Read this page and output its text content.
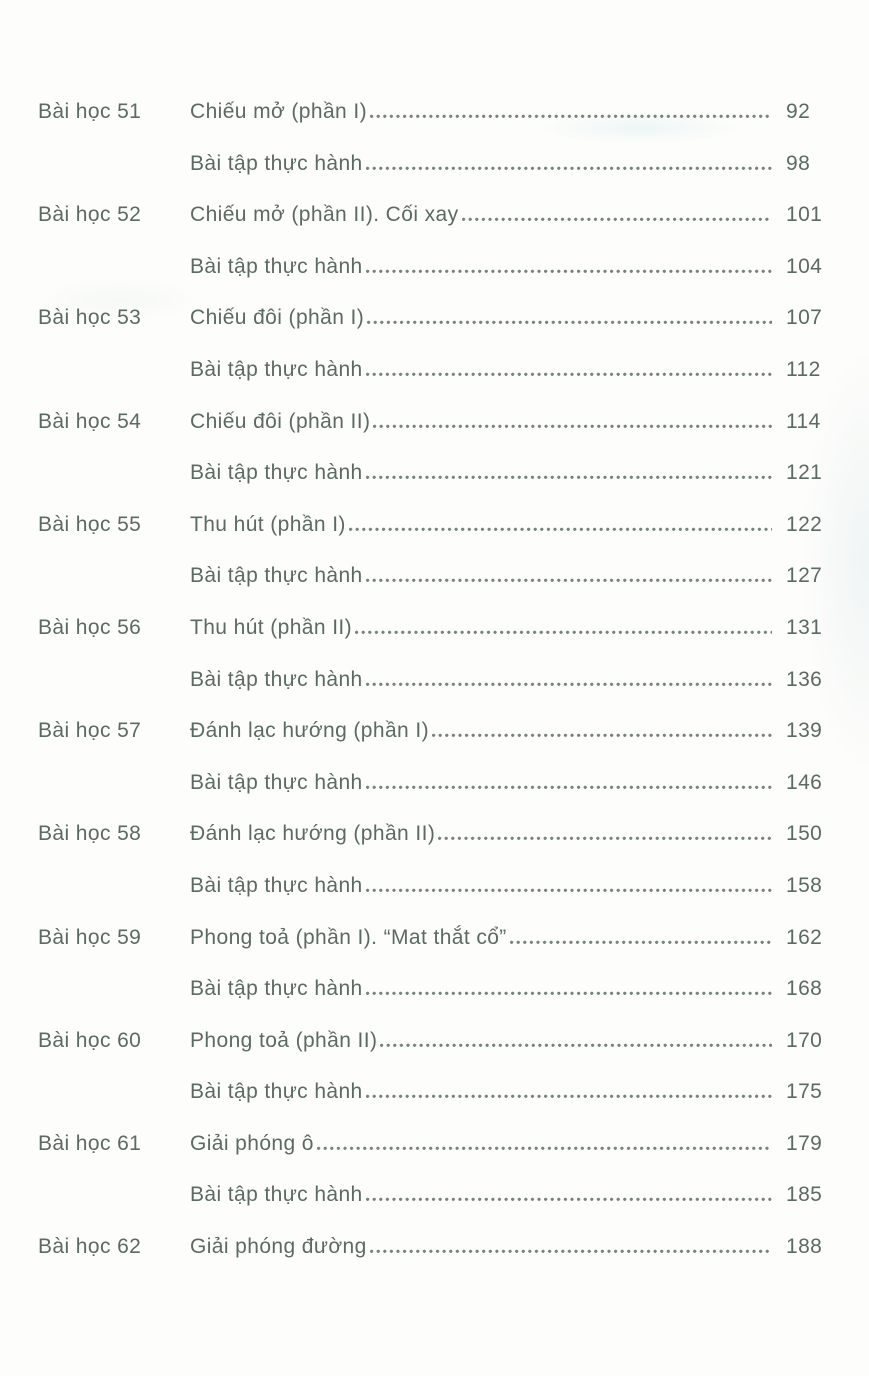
Bài học 51	Chiếu mở (phần I)	92
Bài tập thực hành	98
Bài học 52	Chiếu mở (phần II). Cối xay	101
Bài tập thực hành	104
Bài học 53	Chiếu đôi (phần I)	107
Bài tập thực hành	112
Bài học 54	Chiếu đôi (phần II)	114
Bài tập thực hành	121
Bài học 55	Thu hút (phần I)	122
Bài tập thực hành	127
Bài học 56	Thu hút (phần II)	131
Bài tập thực hành	136
Bài học 57	Đánh lạc hướng (phần I)	139
Bài tập thực hành	146
Bài học 58	Đánh lạc hướng (phần II)	150
Bài tập thực hành	158
Bài học 59	Phong toả (phần I). “Mat thắt cổ”	162
Bài tập thực hành	168
Bài học 60	Phong toả (phần II)	170
Bài tập thực hành	175
Bài học 61	Giải phóng ô	179
Bài tập thực hành	185
Bài học 62	Giải phóng đường	188
